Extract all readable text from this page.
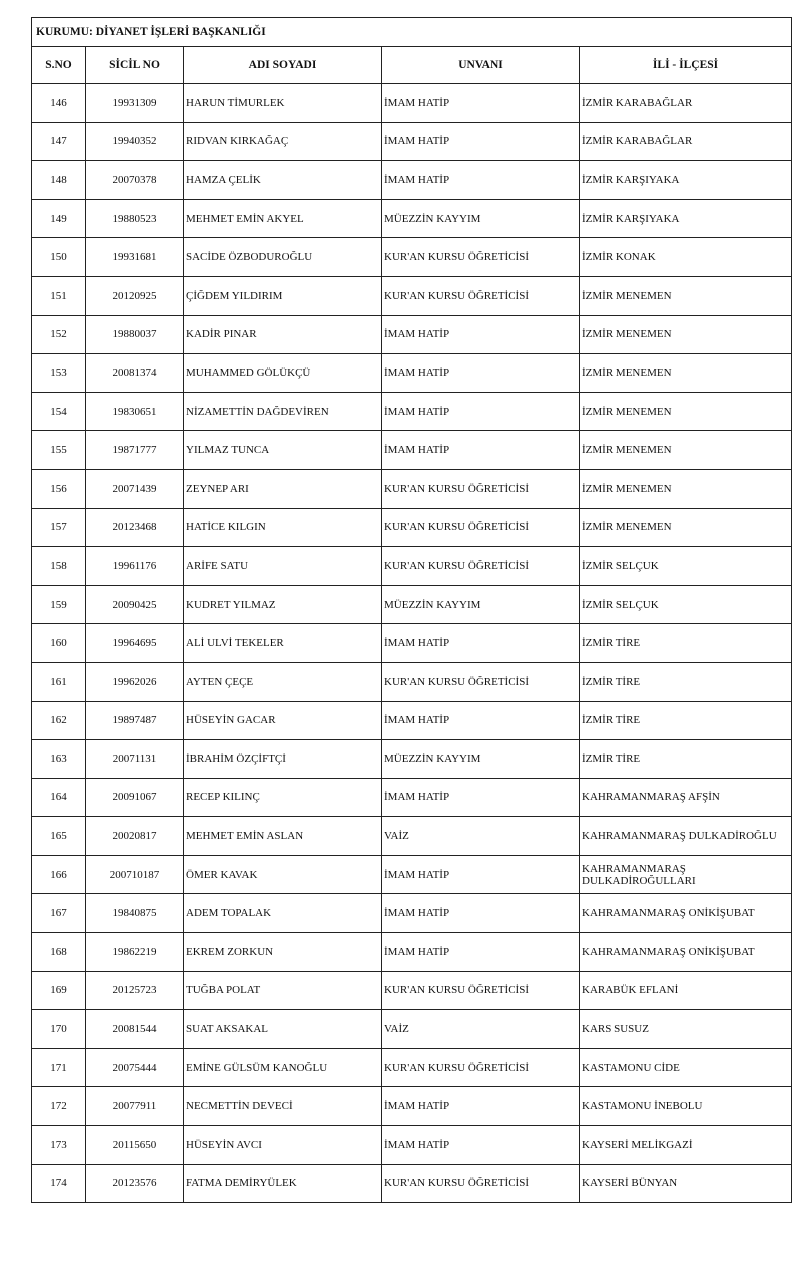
KURUMU: DİYANET İŞLERİ BAŞKANLIĞI				
S.NO	SİCİL NO	ADI SOYADI	UNVANI	İLİ - İLÇESİ
146	19931309	HARUN TİMURLEK	İMAM HATİP	İZMİR KARABAĞLAR
147	19940352	RIDVAN KIRKAĞAÇ	İMAM HATİP	İZMİR KARABAĞLAR
148	20070378	HAMZA ÇELİK	İMAM HATİP	İZMİR KARŞIYAKA
149	19880523	MEHMET EMİN AKYEL	MÜEZZİN KAYYIM	İZMİR KARŞIYAKA
150	19931681	SACİDE ÖZBODUROĞLU	KUR'AN KURSU ÖĞRETİCİSİ	İZMİR KONAK
151	20120925	ÇİĞDEM YILDIRIM	KUR'AN KURSU ÖĞRETİCİSİ	İZMİR MENEMEN
152	19880037	KADİR PINAR	İMAM HATİP	İZMİR MENEMEN
153	20081374	MUHAMMED GÖLÜKÇÜ	İMAM HATİP	İZMİR MENEMEN
154	19830651	NİZAMETTİN DAĞDEVİREN	İMAM HATİP	İZMİR MENEMEN
155	19871777	YILMAZ TUNCA	İMAM HATİP	İZMİR MENEMEN
156	20071439	ZEYNEP ARI	KUR'AN KURSU ÖĞRETİCİSİ	İZMİR MENEMEN
157	20123468	HATİCE KILGIN	KUR'AN KURSU ÖĞRETİCİSİ	İZMİR MENEMEN
158	19961176	ARİFE SATU	KUR'AN KURSU ÖĞRETİCİSİ	İZMİR SELÇUK
159	20090425	KUDRET YILMAZ	MÜEZZİN KAYYIM	İZMİR SELÇUK
160	19964695	ALİ ULVİ TEKELER	İMAM HATİP	İZMİR TİRE
161	19962026	AYTEN ÇEÇE	KUR'AN KURSU ÖĞRETİCİSİ	İZMİR TİRE
162	19897487	HÜSEYİN GACAR	İMAM HATİP	İZMİR TİRE
163	20071131	İBRAHİM ÖZÇİFTÇİ	MÜEZZİN KAYYIM	İZMİR TİRE
164	20091067	RECEP KILINÇ	İMAM HATİP	KAHRAMANMARAŞ AFŞİN
165	20020817	MEHMET EMİN ASLAN	VAİZ	KAHRAMANMARAŞ DULKADİROĞLU
166	200710187	ÖMER KAVAK	İMAM HATİP	KAHRAMANMARAŞ DULKADİROĞULLARI
167	19840875	ADEM TOPALAK	İMAM HATİP	KAHRAMANMARAŞ ONİKİŞUBAT
168	19862219	EKREM ZORKUN	İMAM HATİP	KAHRAMANMARAŞ ONİKİŞUBAT
169	20125723	TUĞBA POLAT	KUR'AN KURSU ÖĞRETİCİSİ	KARABÜK EFLANİ
170	20081544	SUAT AKSAKAL	VAİZ	KARS SUSUZ
171	20075444	EMİNE GÜLSÜM KANOĞLU	KUR'AN KURSU ÖĞRETİCİSİ	KASTAMONU CİDE
172	20077911	NECMETTİN DEVECİ	İMAM HATİP	KASTAMONU İNEBOLU
173	20115650	HÜSEYİN AVCI	İMAM HATİP	KAYSERİ MELİKGAZİ
174	20123576	FATMA DEMİRYÜLEK	KUR'AN KURSU ÖĞRETİCİSİ	KAYSERİ BÜNYAN
